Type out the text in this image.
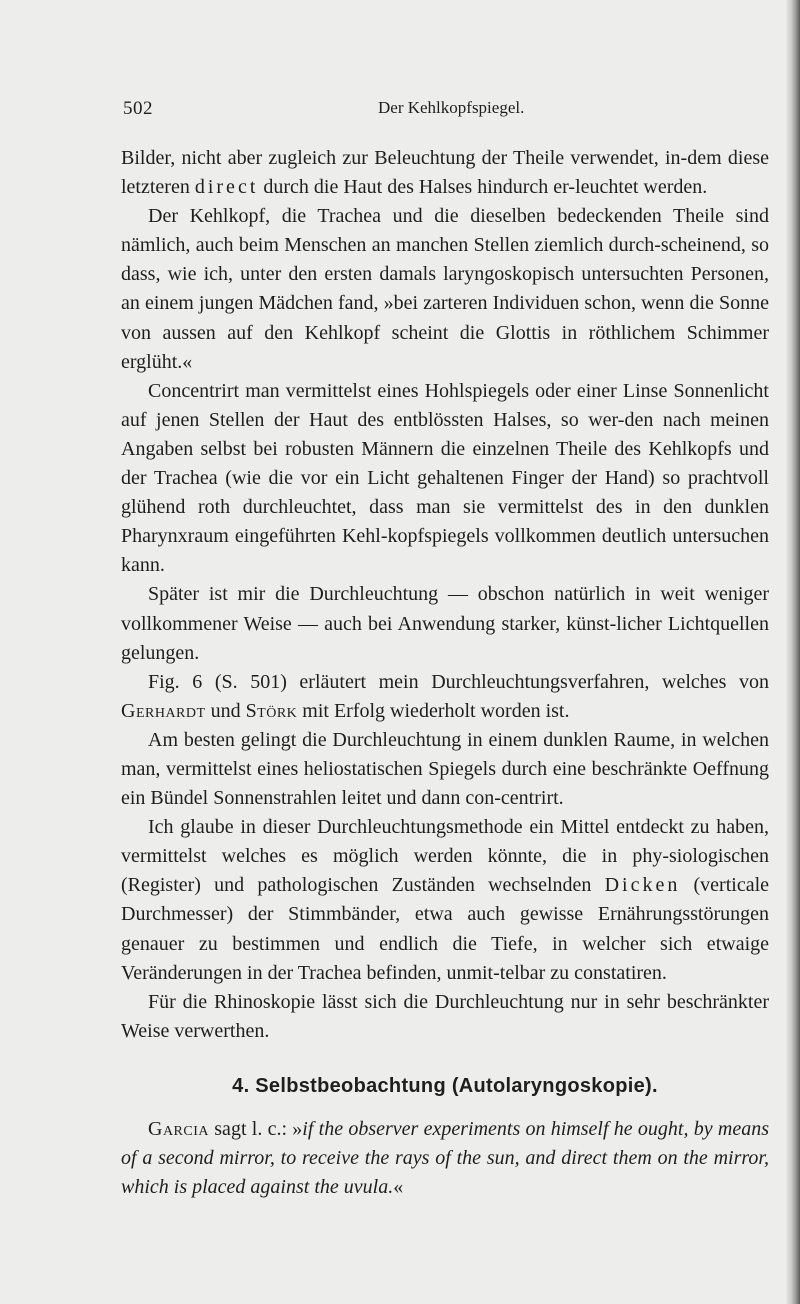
502	Der Kehlkopfspiegel.

Bilder, nicht aber zugleich zur Beleuchtung der Theile verwendet, in-dem diese letzteren direct durch die Haut des Halses hindurch er-leuchtet werden.

Der Kehlkopf, die Trachea und die dieselben bedeckenden Theile sind nämlich, auch beim Menschen an manchen Stellen ziemlich durch-scheinend, so dass, wie ich, unter den ersten damals laryngoskopisch untersuchten Personen, an einem jungen Mädchen fand, »bei zarteren Individuen schon, wenn die Sonne von aussen auf den Kehlkopf scheint die Glottis in röthlichem Schimmer erglüht.«

Concentrirt man vermittelst eines Hohlspiegels oder einer Linse Sonnenlicht auf jenen Stellen der Haut des entblössten Halses, so wer-den nach meinen Angaben selbst bei robusten Männern die einzelnen Theile des Kehlkopfs und der Trachea (wie die vor ein Licht gehaltenen Finger der Hand) so prachtvoll glühend roth durchleuchtet, dass man sie vermittelst des in den dunklen Pharynxraum eingeführten Kehl-kopfspiegels vollkommen deutlich untersuchen kann.

Später ist mir die Durchleuchtung — obschon natürlich in weit weniger vollkommener Weise — auch bei Anwendung starker, künst-licher Lichtquellen gelungen.

Fig. 6 (S. 501) erläutert mein Durchleuchtungsverfahren, welches von Gerhardt und Störk mit Erfolg wiederholt worden ist.

Am besten gelingt die Durchleuchtung in einem dunklen Raume, in welchen man, vermittelst eines heliostatischen Spiegels durch eine beschränkte Oeffnung ein Bündel Sonnenstrahlen leitet und dann con-centrirt.

Ich glaube in dieser Durchleuchtungsmethode ein Mittel entdeckt zu haben, vermittelst welches es möglich werden könnte, die in phy-siologischen (Register) und pathologischen Zuständen wechselnden Dicken (verticale Durchmesser) der Stimmbänder, etwa auch gewisse Ernährungsstörungen genauer zu bestimmen und endlich die Tiefe, in welcher sich etwaige Veränderungen in der Trachea befinden, unmit-telbar zu constatiren.

Für die Rhinoskopie lässt sich die Durchleuchtung nur in sehr beschränkter Weise verwerthen.

4. Selbstbeobachtung (Autolaryngoskopie).

Garcia sagt l. c.: »if the observer experiments on himself he ought, by means of a second mirror, to receive the rays of the sun, and direct them on the mirror, which is placed against the uvula.«
